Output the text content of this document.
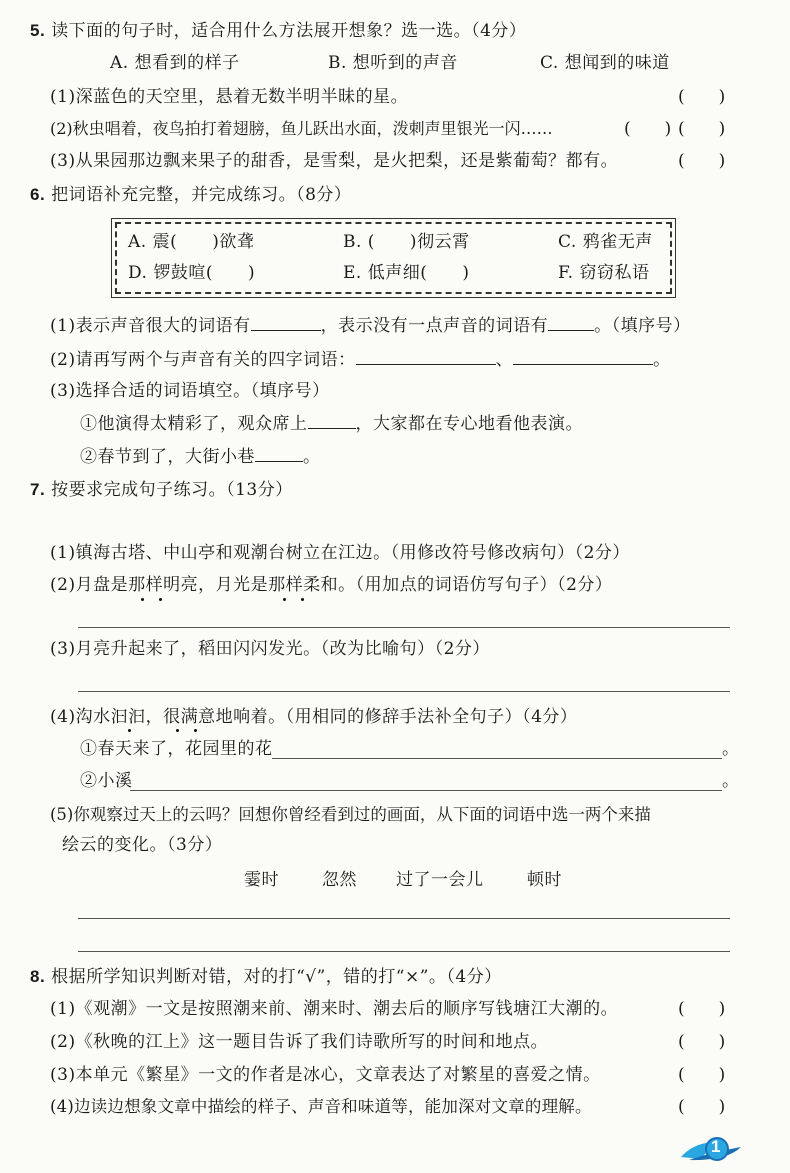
5. 读下面的句子时，适合用什么方法展开想象？选一选。（4分）
A. 想看到的样子	B. 想听到的声音	C. 想闻到的味道
(1)深蓝色的天空里，悬着无数半明半昧的星。	(　　)
(2)秋虫唱着，夜鸟拍打着翅膀，鱼儿跃出水面，泼刺声里银光一闪……	(　　) (　　)
(3)从果园那边飘来果子的甜香，是雪梨，是火把梨，还是紫葡萄？都有。	(　　)
6. 把词语补充完整，并完成练习。（8分）
A. 震(　　)欲聋	B. (　　)彻云霄	C. 鸦雀无声
D. 锣鼓喧(　　)	E. 低声细(　　)	F. 窃窃私语
(1)表示声音很大的词语有	，表示没有一点声音的词语有	。（填序号）
(2)请再写两个与声音有关的四字词语：	、	。
(3)选择合适的词语填空。（填序号）
①他演得太精彩了，观众席上	，大家都在专心地看他表演。
②春节到了，大街小巷	。
7. 按要求完成句子练习。（13分）
(1)镇海古塔、中山亭和观潮台树立在江边。（用修改符号修改病句）（2分）
(2)月盘是那样明亮，月光是那样柔和。（用加点的词语仿写句子）（2分）
(3)月亮升起来了，稻田闪闪发光。（改为比喻句）（2分）
(4)沟水汩汩，很满意地响着。（用相同的修辞手法补全句子）（4分）
①春天来了，花园里的花	。
②小溪	。
(5)你观察过天上的云吗？回想你曾经看到过的画面，从下面的词语中选一两个来描
绘云的变化。（3分）
霎时	忽然 过了一会儿	顿时
8. 根据所学知识判断对错，对的打“√”，错的打“×”。（4分）
(1)《观潮》一文是按照潮来前、潮来时、潮去后的顺序写钱塘江大潮的。	(　　)
(2)《秋晚的江上》这一题目告诉了我们诗歌所写的时间和地点。	(　　)
(3)本单元《繁星》一文的作者是冰心，文章表达了对繁星的喜爱之情。	(　　)
(4)边读边想象文章中描绘的样子、声音和味道等，能加深对文章的理解。	(　　)
1
